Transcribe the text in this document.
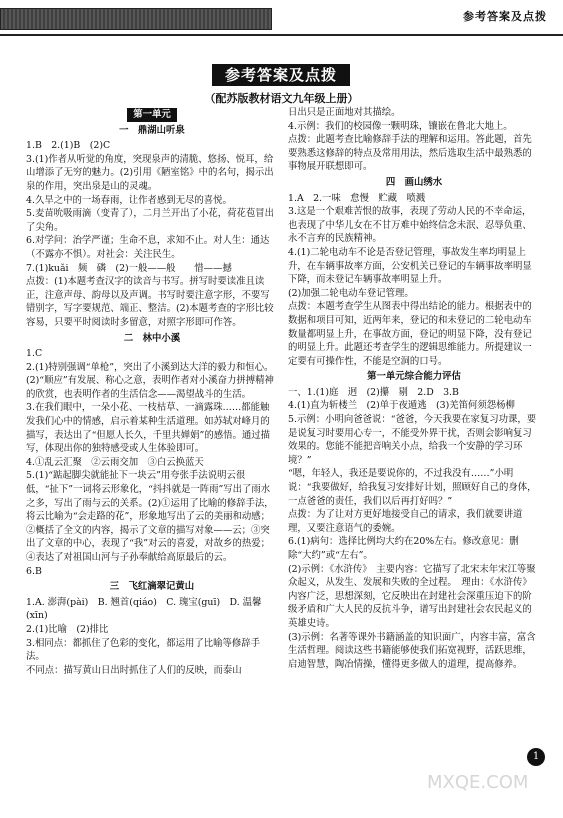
参考答案及点拨
参考答案及点拨
（配苏版教材语文九年级上册）
第一单元
一　鼎湖山听泉
1.B　2.(1)B　(2)C
3.(1)作者从听觉的角度，突现泉声的清脆、悠扬、悦耳，给山增添了无穷的魅力。(2)引用《陋室铭》中的名句，揭示出泉的作用，突出泉是山的灵魂。
4.久旱之中的一场春雨，让作者感到无尽的喜悦。
5.麦苗吮吸雨滴（变青了），二月兰开出了小花，荷花苞冒出了尖角。
6.对学问：治学严谨；生命不息，求知不止。对人生：通达（不露亦不惧）。对社会：关注民生。
7.(1)kuǎi　频　磷　(2)一般——般　　惜——撼
点拨：(1)本题考查汉字的读音与书写。拼写时要读准且读正，注意声母、韵母以及声调。书写时要注意字形，不要写错别字，写字要规范、端正、整洁。(2)本题考查的字形比较容易，只要平时阅读时多留意，对照字形即可作答。
二　林中小溪
1.C
2.(1)特别强调“单枪”，突出了小溪到达大洋的毅力和恒心。(2)“顺应”有发展、称心之意，表明作者对小溪奋力拼搏精神的欣赏，也表明作者的生活信念——渴望战斗的生活。
3.在我们眼中，一朵小花、一枝枯草、一滴露珠……都能触发我们心中的情感，启示着某种生活道理。如苏轼对峰月的描写，表达出了“但愿人长久，千里共婵娟”的感悟。通过描写，体现出你的独特感受或人生体验即可。
4.①乱云汇聚　②云雨交加　③白云换蓝天
5.(1)“踮起脚尖就能扯下一块云”用夸张手法说明云很低，“扯下”一词将云形象化，“抖抖就是一阵雨”写出了雨水之多，写出了雨与云的关系。(2)①运用了比喻的修辞手法，将云比喻为“会走路的花”，形象地写出了云的美丽和动感；②概括了全文的内容，揭示了文章的描写对象——云；③突出了文章的中心，表现了“我”对云的喜爱，对故乡的热爱；④表达了对祖国山河与子孙奉献给高原最后的云。
6.B
三　飞红滴翠记黄山
1.A. 澎湃(pài)　B. 翘首(qiáo)　C. 瑰宝(guī)　D. 温馨(xīn)
2.(1)比喻　(2)排比
3.相同点：都抓住了色彩的变化，都运用了比喻等修辞手法。
不同点：描写黄山日出时抓住了人们的反映，而泰山
日出只是正面地对其描绘。
4.示例：我们的校园像一颗明珠，镶嵌在鲁北大地上。
点拨：此题考查比喻修辞手法的理解和运用。答此题，首先要熟悉这修辞的特点及常用用法，然后选取生活中最熟悉的事物展开联想即可。
四　画山绣水
1.A　2.一味　怠慢　贮藏　喷溅
3.这是一个艰难苦恨的故事，表现了劳动人民的不幸命运，也表现了中华儿女在不甘万难中始终信念未泯、忍辱负重、永不言弃的民族精神。
4.(1)二轮电动车不论是否登记管理，事故发生率均明显上升，在车辆事故率方面，公安机关已登记的车辆事故率明显下降，而未登记车辆事故率明显上升。
(2)加强二轮电动车登记管理。
点拨：本题考查学生从图表中得出结论的能力。根据表中的数据和项目可知，近两年来，登记的和未登记的二轮电动车数量都明显上升，在事故方面，登记的明显下降，没有登记的明显上升。此题还考查学生的逻辑思维能力。所提建议一定要有可操作性，不能是空洞的口号。
第一单元综合能力评估
一、1.(1)庭　迥　(2)攥　剔　2.D　3.B
4.(1)直为斩楼兰　(2)单于夜遁逃　(3)羌笛何须怨杨柳
5.示例：小明向爸爸说：“爸爸，今天我要在家复习功课，要是说复习时要用心专一，不能受外界干扰，否则会影响复习效果的。您能不能把音响关小点，给我一个安静的学习环境？”
“嗯，年轻人，我还是要说你的，不过我没有……”小明说：“我要做好，给我复习安排好计划，照顾好自己的身体，一点爸爸的责任，我们以后再打好吗？”
点拨：为了让对方更好地接受自己的请求，我们就要讲道理，又要注意语气的委婉。
6.(1)病句：选择比例均大约在20%左右。修改意见：删除“大约”或“左右”。
(2)示例：《水浒传》　主要内容：它描写了北宋末年宋江等聚众起义，从发生、发展和失败的全过程。　理由：《水浒传》内容广泛，思想深刻，它反映出在封建社会深重压迫下的阶级矛盾和广大人民的反抗斗争，谱写出封建社会农民起义的英雄史诗。
(3)示例：名著等课外书籍涵盖的知识面广，内容丰富，富含生活哲理。阅读这些书籍能够使我们拓宽视野，活跃思维，启迪智慧，陶冶情操，懂得更多做人的道理，提高修养。
1
MXQE.COM
